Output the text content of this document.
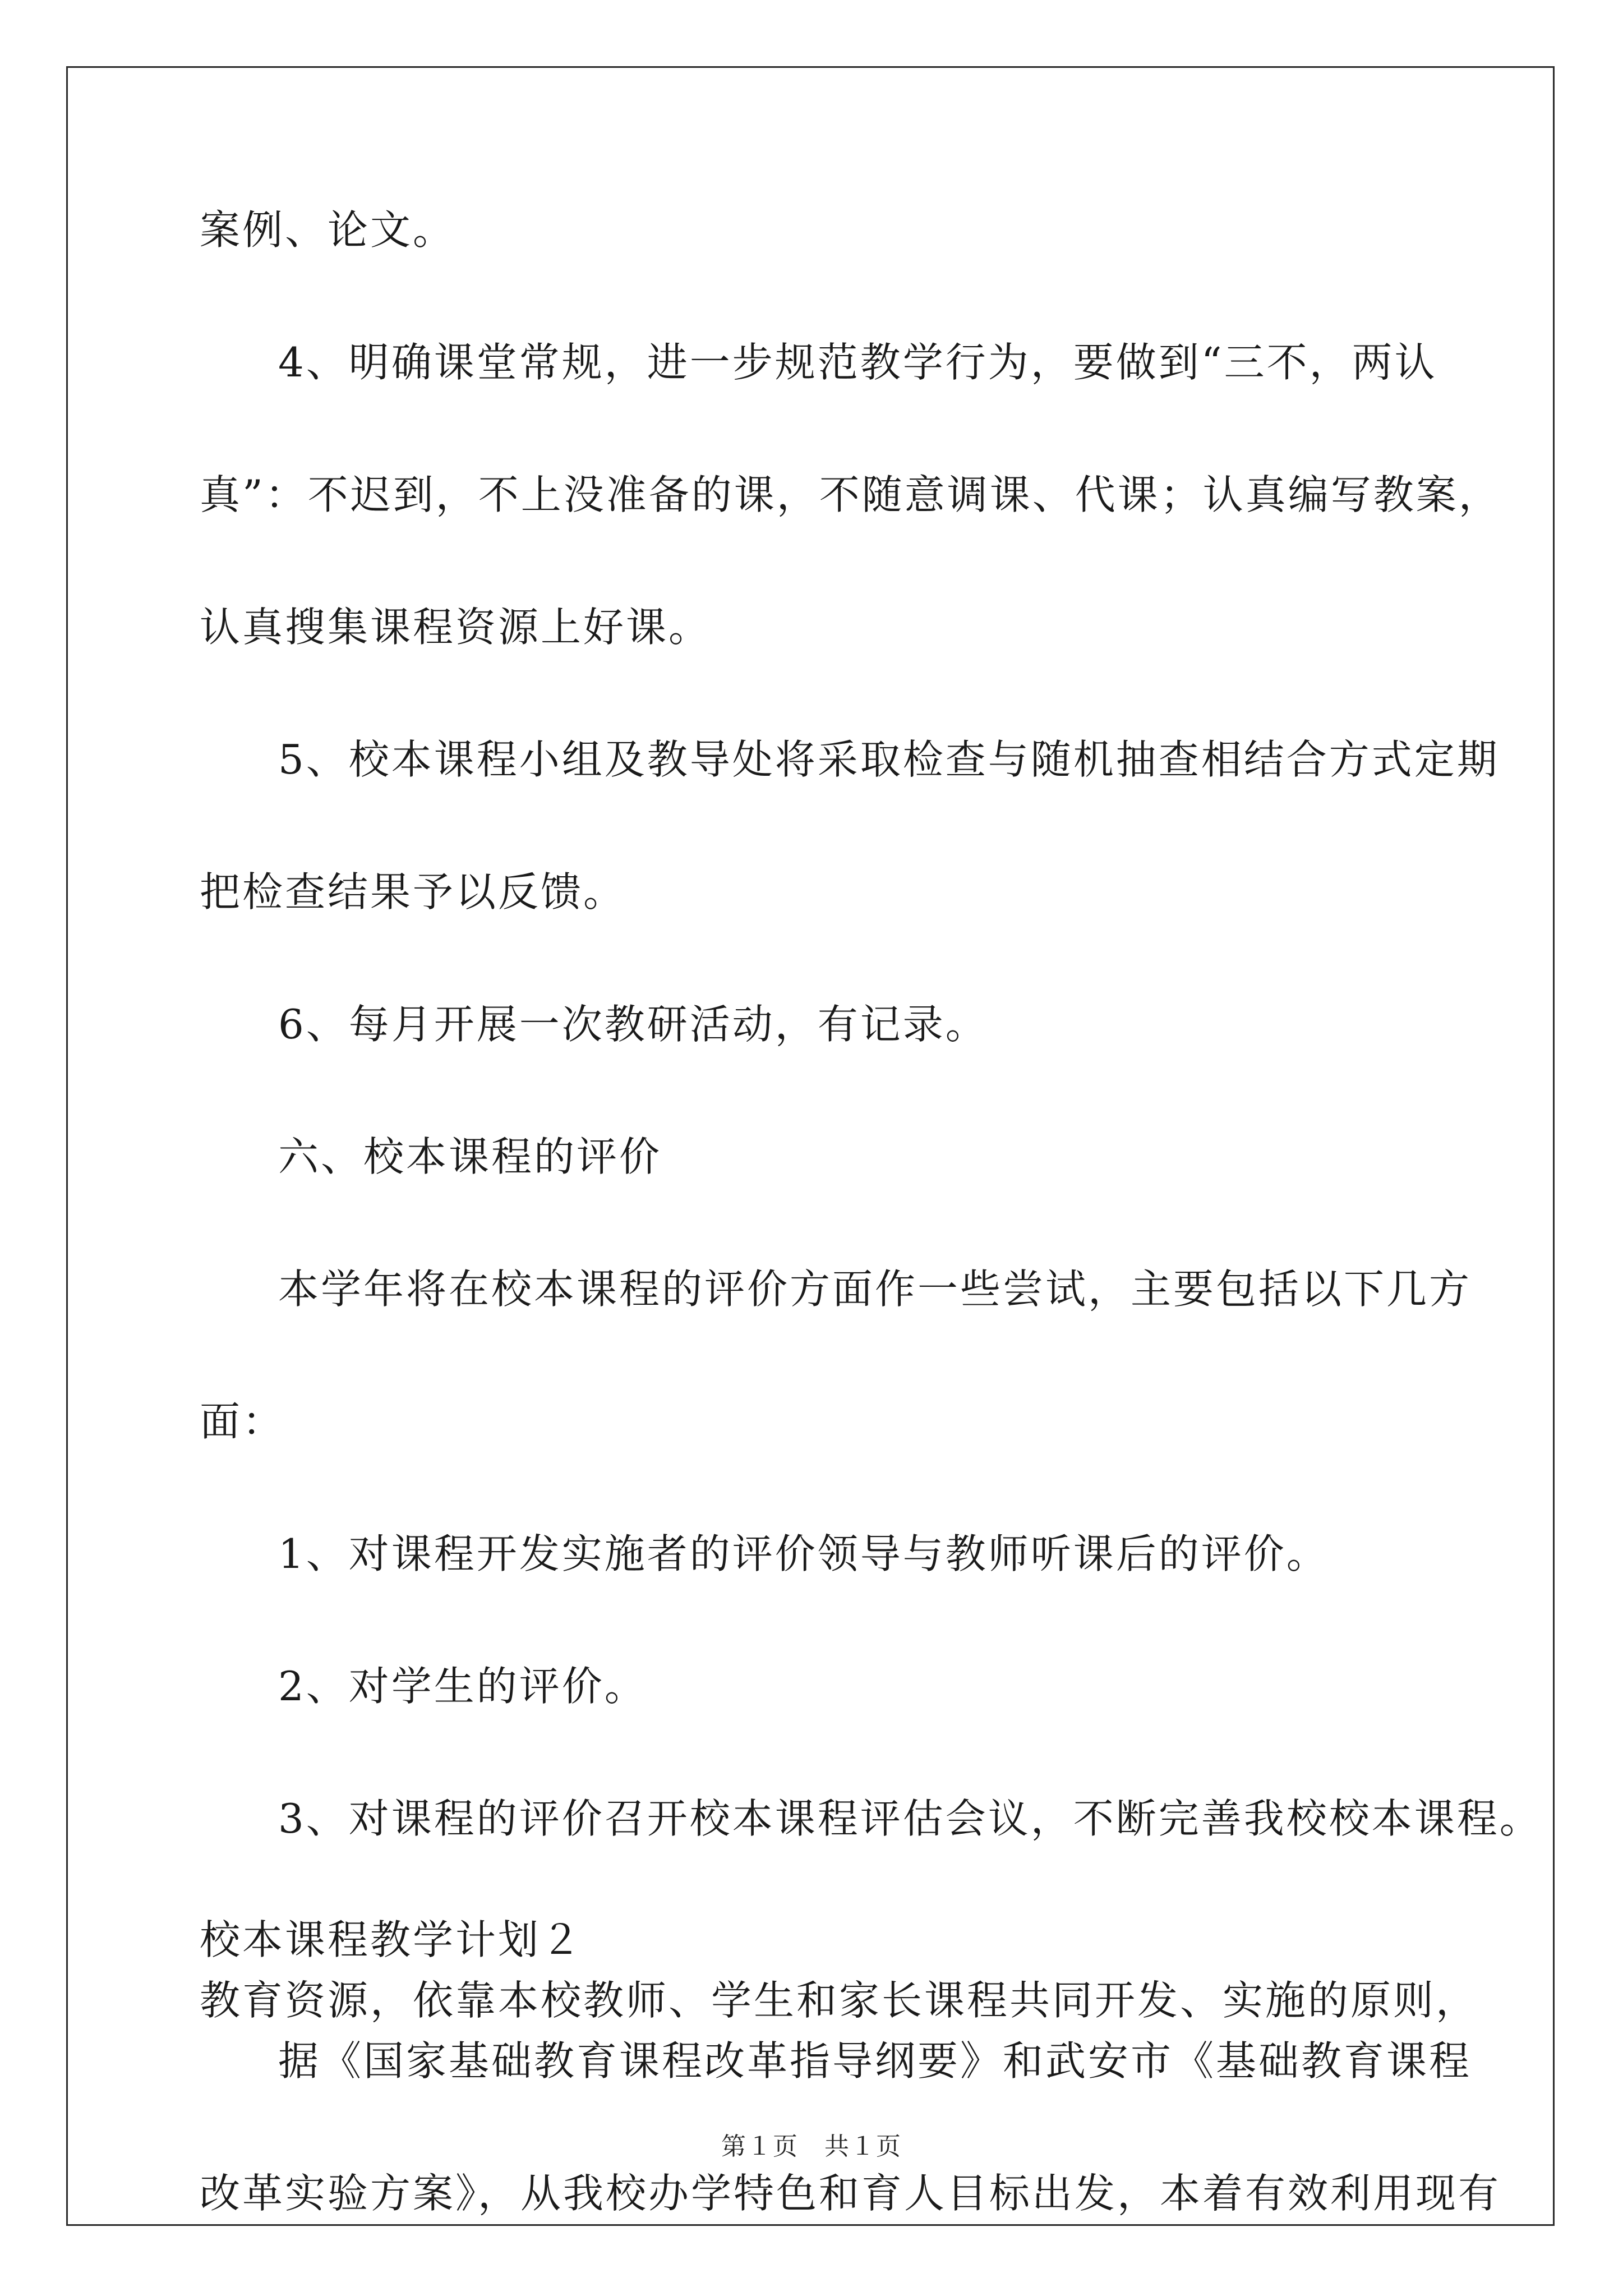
案例、论文。
4、明确课堂常规，进一步规范教学行为，要做到“三不，两认
真”：不迟到，不上没准备的课，不随意调课、代课；认真编写教案，
认真搜集课程资源上好课。
5、校本课程小组及教导处将采取检查与随机抽查相结合方式定期
把检查结果予以反馈。
6、每月开展一次教研活动，有记录。
六、校本课程的评价
本学年将在校本课程的评价方面作一些尝试，主要包括以下几方
面：
1、对课程开发实施者的评价领导与教师听课后的评价。
2、对学生的评价。
3、对课程的评价召开校本课程评估会议，不断完善我校校本课程。
校本课程教学计划２
据《国家基础教育课程改革指导纲要》和武安市《基础教育课程
改革实验方案》，从我校办学特色和育人目标出发，本着有效利用现有
教育资源，依靠本校教师、学生和家长课程共同开发、实施的原则，
第１页　共１页
